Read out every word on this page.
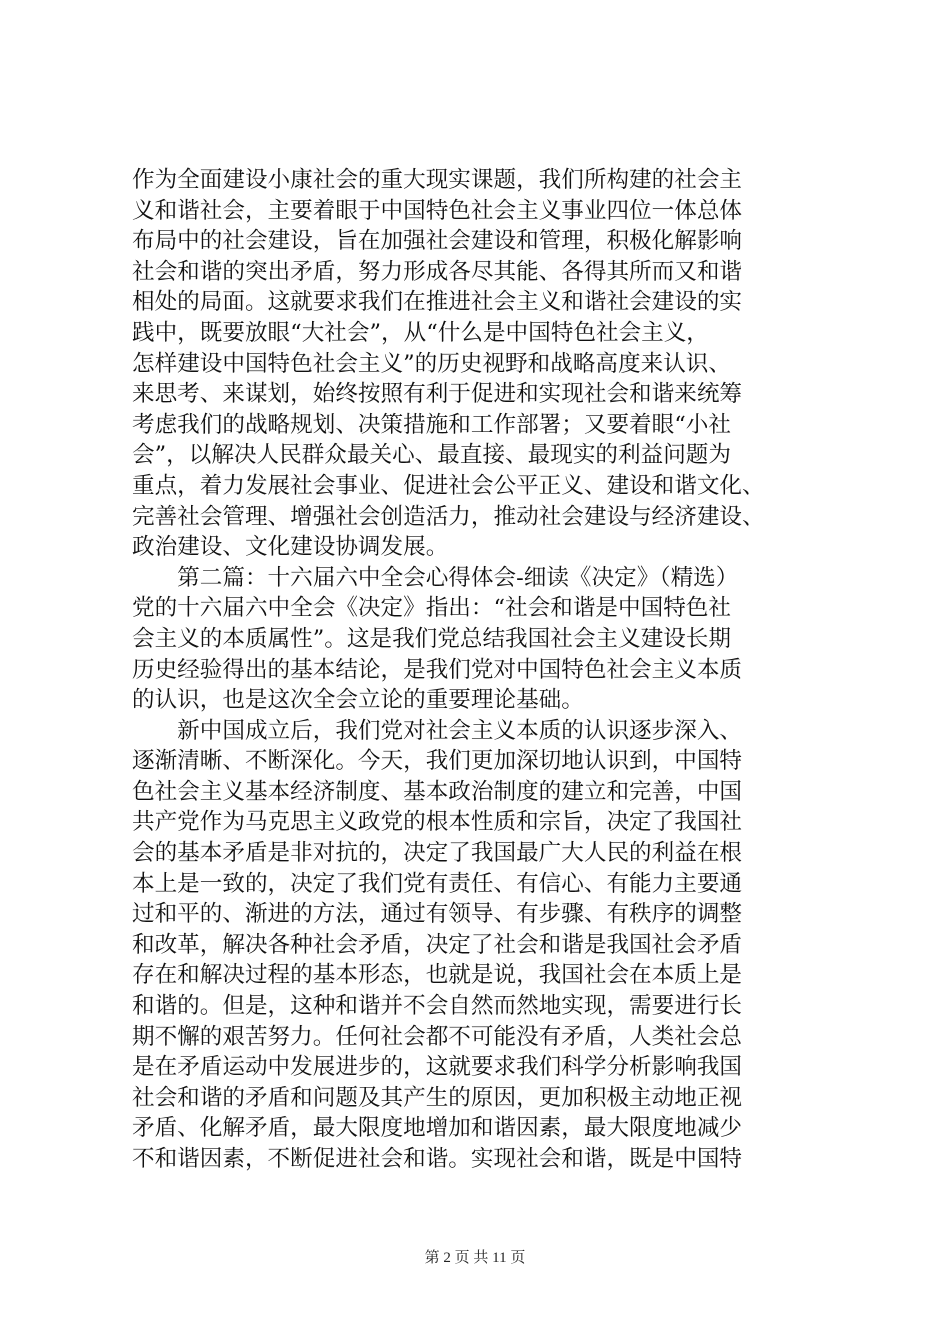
作为全面建设小康社会的重大现实课题，我们所构建的社会主
义和谐社会，主要着眼于中国特色社会主义事业四位一体总体
布局中的社会建设，旨在加强社会建设和管理，积极化解影响
社会和谐的突出矛盾，努力形成各尽其能、各得其所而又和谐
相处的局面。这就要求我们在推进社会主义和谐社会建设的实
践中，既要放眼“大社会”，从“什么是中国特色社会主义，
怎样建设中国特色社会主义”的历史视野和战略高度来认识、
来思考、来谋划，始终按照有利于促进和实现社会和谐来统筹
考虑我们的战略规划、决策措施和工作部署；又要着眼“小社
会”，以解决人民群众最关心、最直接、最现实的利益问题为
重点，着力发展社会事业、促进社会公平正义、建设和谐文化、
完善社会管理、增强社会创造活力，推动社会建设与经济建设、
政治建设、文化建设协调发展。
　　第二篇：十六届六中全会心得体会-细读《决定》（精选）
党的十六届六中全会《决定》指出：“社会和谐是中国特色社
会主义的本质属性”。这是我们党总结我国社会主义建设长期
历史经验得出的基本结论，是我们党对中国特色社会主义本质
的认识，也是这次全会立论的重要理论基础。
　　新中国成立后，我们党对社会主义本质的认识逐步深入、
逐渐清晰、不断深化。今天，我们更加深切地认识到，中国特
色社会主义基本经济制度、基本政治制度的建立和完善，中国
共产党作为马克思主义政党的根本性质和宗旨，决定了我国社
会的基本矛盾是非对抗的，决定了我国最广大人民的利益在根
本上是一致的，决定了我们党有责任、有信心、有能力主要通
过和平的、渐进的方法，通过有领导、有步骤、有秩序的调整
和改革，解决各种社会矛盾，决定了社会和谐是我国社会矛盾
存在和解决过程的基本形态，也就是说，我国社会在本质上是
和谐的。但是，这种和谐并不会自然而然地实现，需要进行长
期不懈的艰苦努力。任何社会都不可能没有矛盾，人类社会总
是在矛盾运动中发展进步的，这就要求我们科学分析影响我国
社会和谐的矛盾和问题及其产生的原因，更加积极主动地正视
矛盾、化解矛盾，最大限度地增加和谐因素，最大限度地减少
不和谐因素，不断促进社会和谐。实现社会和谐，既是中国特
第 2 页 共 11 页
